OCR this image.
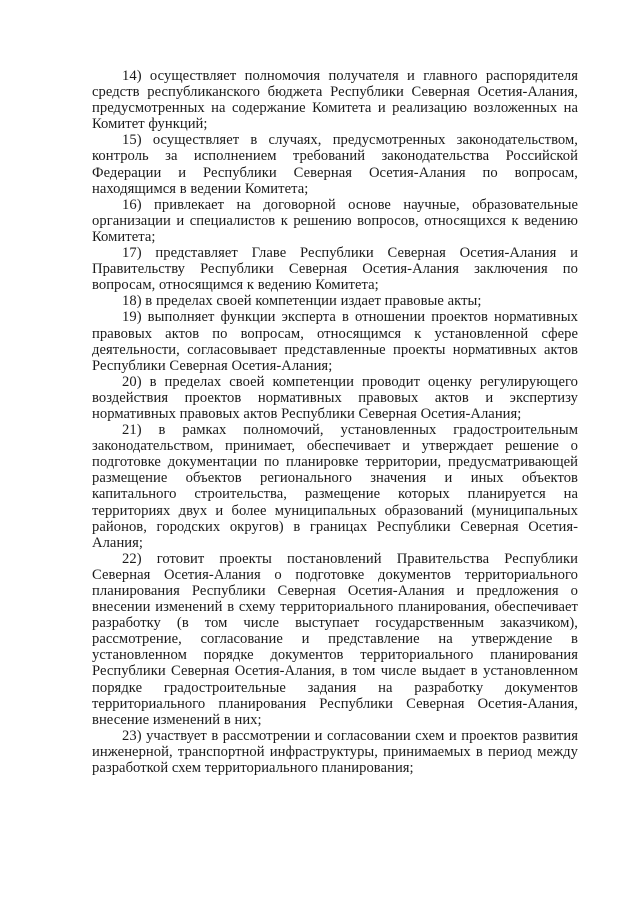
14) осуществляет полномочия получателя и главного распорядителя средств республиканского бюджета Республики Северная Осетия-Алания, предусмотренных на содержание Комитета и реализацию возложенных на Комитет функций;

15) осуществляет в случаях, предусмотренных законодательством, контроль за исполнением требований законодательства Российской Федерации и Республики Северная Осетия-Алания по вопросам, находящимся в ведении Комитета;

16) привлекает на договорной основе научные, образовательные организации и специалистов к решению вопросов, относящихся к ведению Комитета;

17) представляет Главе Республики Северная Осетия-Алания и Правительству Республики Северная Осетия-Алания заключения по вопросам, относящимся к ведению Комитета;

18) в пределах своей компетенции издает правовые акты;

19) выполняет функции эксперта в отношении проектов нормативных правовых актов по вопросам, относящимся к установленной сфере деятельности, согласовывает представленные проекты нормативных актов Республики Северная Осетия-Алания;

20) в пределах своей компетенции проводит оценку регулирующего воздействия проектов нормативных правовых актов и экспертизу нормативных правовых актов Республики Северная Осетия-Алания;

21) в рамках полномочий, установленных градостроительным законодательством, принимает, обеспечивает и утверждает решение о подготовке документации по планировке территории, предусматривающей размещение объектов регионального значения и иных объектов капитального строительства, размещение которых планируется на территориях двух и более муниципальных образований (муниципальных районов, городских округов) в границах Республики Северная Осетия-Алания;

22) готовит проекты постановлений Правительства Республики Северная Осетия-Алания о подготовке документов территориального планирования Республики Северная Осетия-Алания и предложения о внесении изменений в схему территориального планирования, обеспечивает разработку (в том числе выступает государственным заказчиком), рассмотрение, согласование и представление на утверждение в установленном порядке документов территориального планирования Республики Северная Осетия-Алания, в том числе выдает в установленном порядке градостроительные задания на разработку документов территориального планирования Республики Северная Осетия-Алания, внесение изменений в них;

23) участвует в рассмотрении и согласовании схем и проектов развития инженерной, транспортной инфраструктуры, принимаемых в период между разработкой схем территориального планирования;
